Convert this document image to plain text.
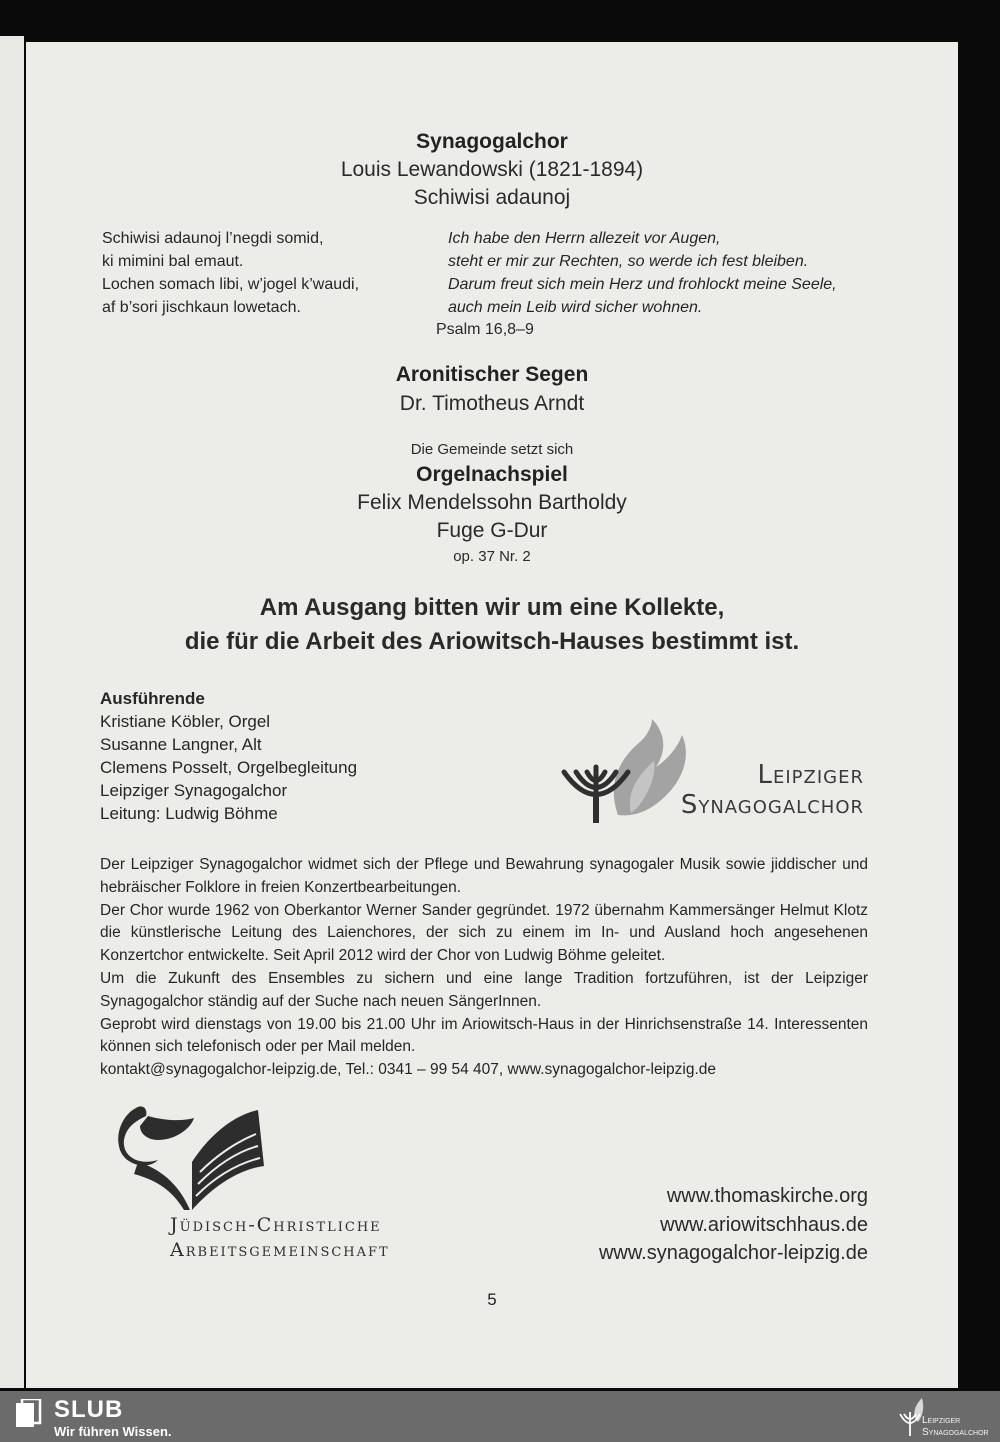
Synagogalchor
Louis Lewandowski (1821-1894)
Schiwisi adaunoj
Schiwisi adaunoj l’negdi somid,
ki mimini bal emaut.
Lochen somach libi, w’jogel k’waudi,
af b’sori jischkaun lowetach.
Ich habe den Herrn allezeit vor Augen,
steht er mir zur Rechten, so werde ich fest bleiben.
Darum freut sich mein Herz und frohlockt meine Seele,
auch mein Leib wird sicher wohnen.
Psalm 16,8–9
Aronitischer Segen
Dr. Timotheus Arndt
Die Gemeinde setzt sich
Orgelnachspiel
Felix Mendelssohn Bartholdy
Fuge G-Dur
op. 37 Nr. 2
Am Ausgang bitten wir um eine Kollekte,
die für die Arbeit des Ariowitsch-Hauses bestimmt ist.
Ausführende
Kristiane Köbler, Orgel
Susanne Langner, Alt
Clemens Posselt, Orgelbegleitung
Leipziger Synagogalchor
Leitung: Ludwig Böhme
Leipziger
Synagogalchor

Der Leipziger Synagogalchor widmet sich der Pflege und Bewahrung synagogaler Musik sowie jiddischer und hebräischer Folklore in freien Konzertbearbeitungen.

Der Chor wurde 1962 von Oberkantor Werner Sander gegründet. 1972 übernahm Kammersänger Helmut Klotz die künstlerische Leitung des Laienchores, der sich zu einem im In- und Ausland hoch angesehenen Konzertchor entwickelte. Seit April 2012 wird der Chor von Ludwig Böhme geleitet.

Um die Zukunft des Ensembles zu sichern und eine lange Tradition fortzuführen, ist der Leipziger Synagogalchor ständig auf der Suche nach neuen SängerInnen.

Geprobt wird dienstags von 19.00 bis 21.00 Uhr im Ariowitsch-Haus in der Hinrichsenstraße 14. Interessenten können sich telefonisch oder per Mail melden.

kontakt@synagogalchor-leipzig.de, Tel.: 0341 – 99 54 407, www.synagogalchor-leipzig.de

Jüdisch-Christliche
Arbeitsgemeinschaft
www.thomaskirche.org
www.ariowitschhaus.de
www.synagogalchor-leipzig.de
5
SLUB
Wir führen Wissen.
Leipziger
Synagogalchor
